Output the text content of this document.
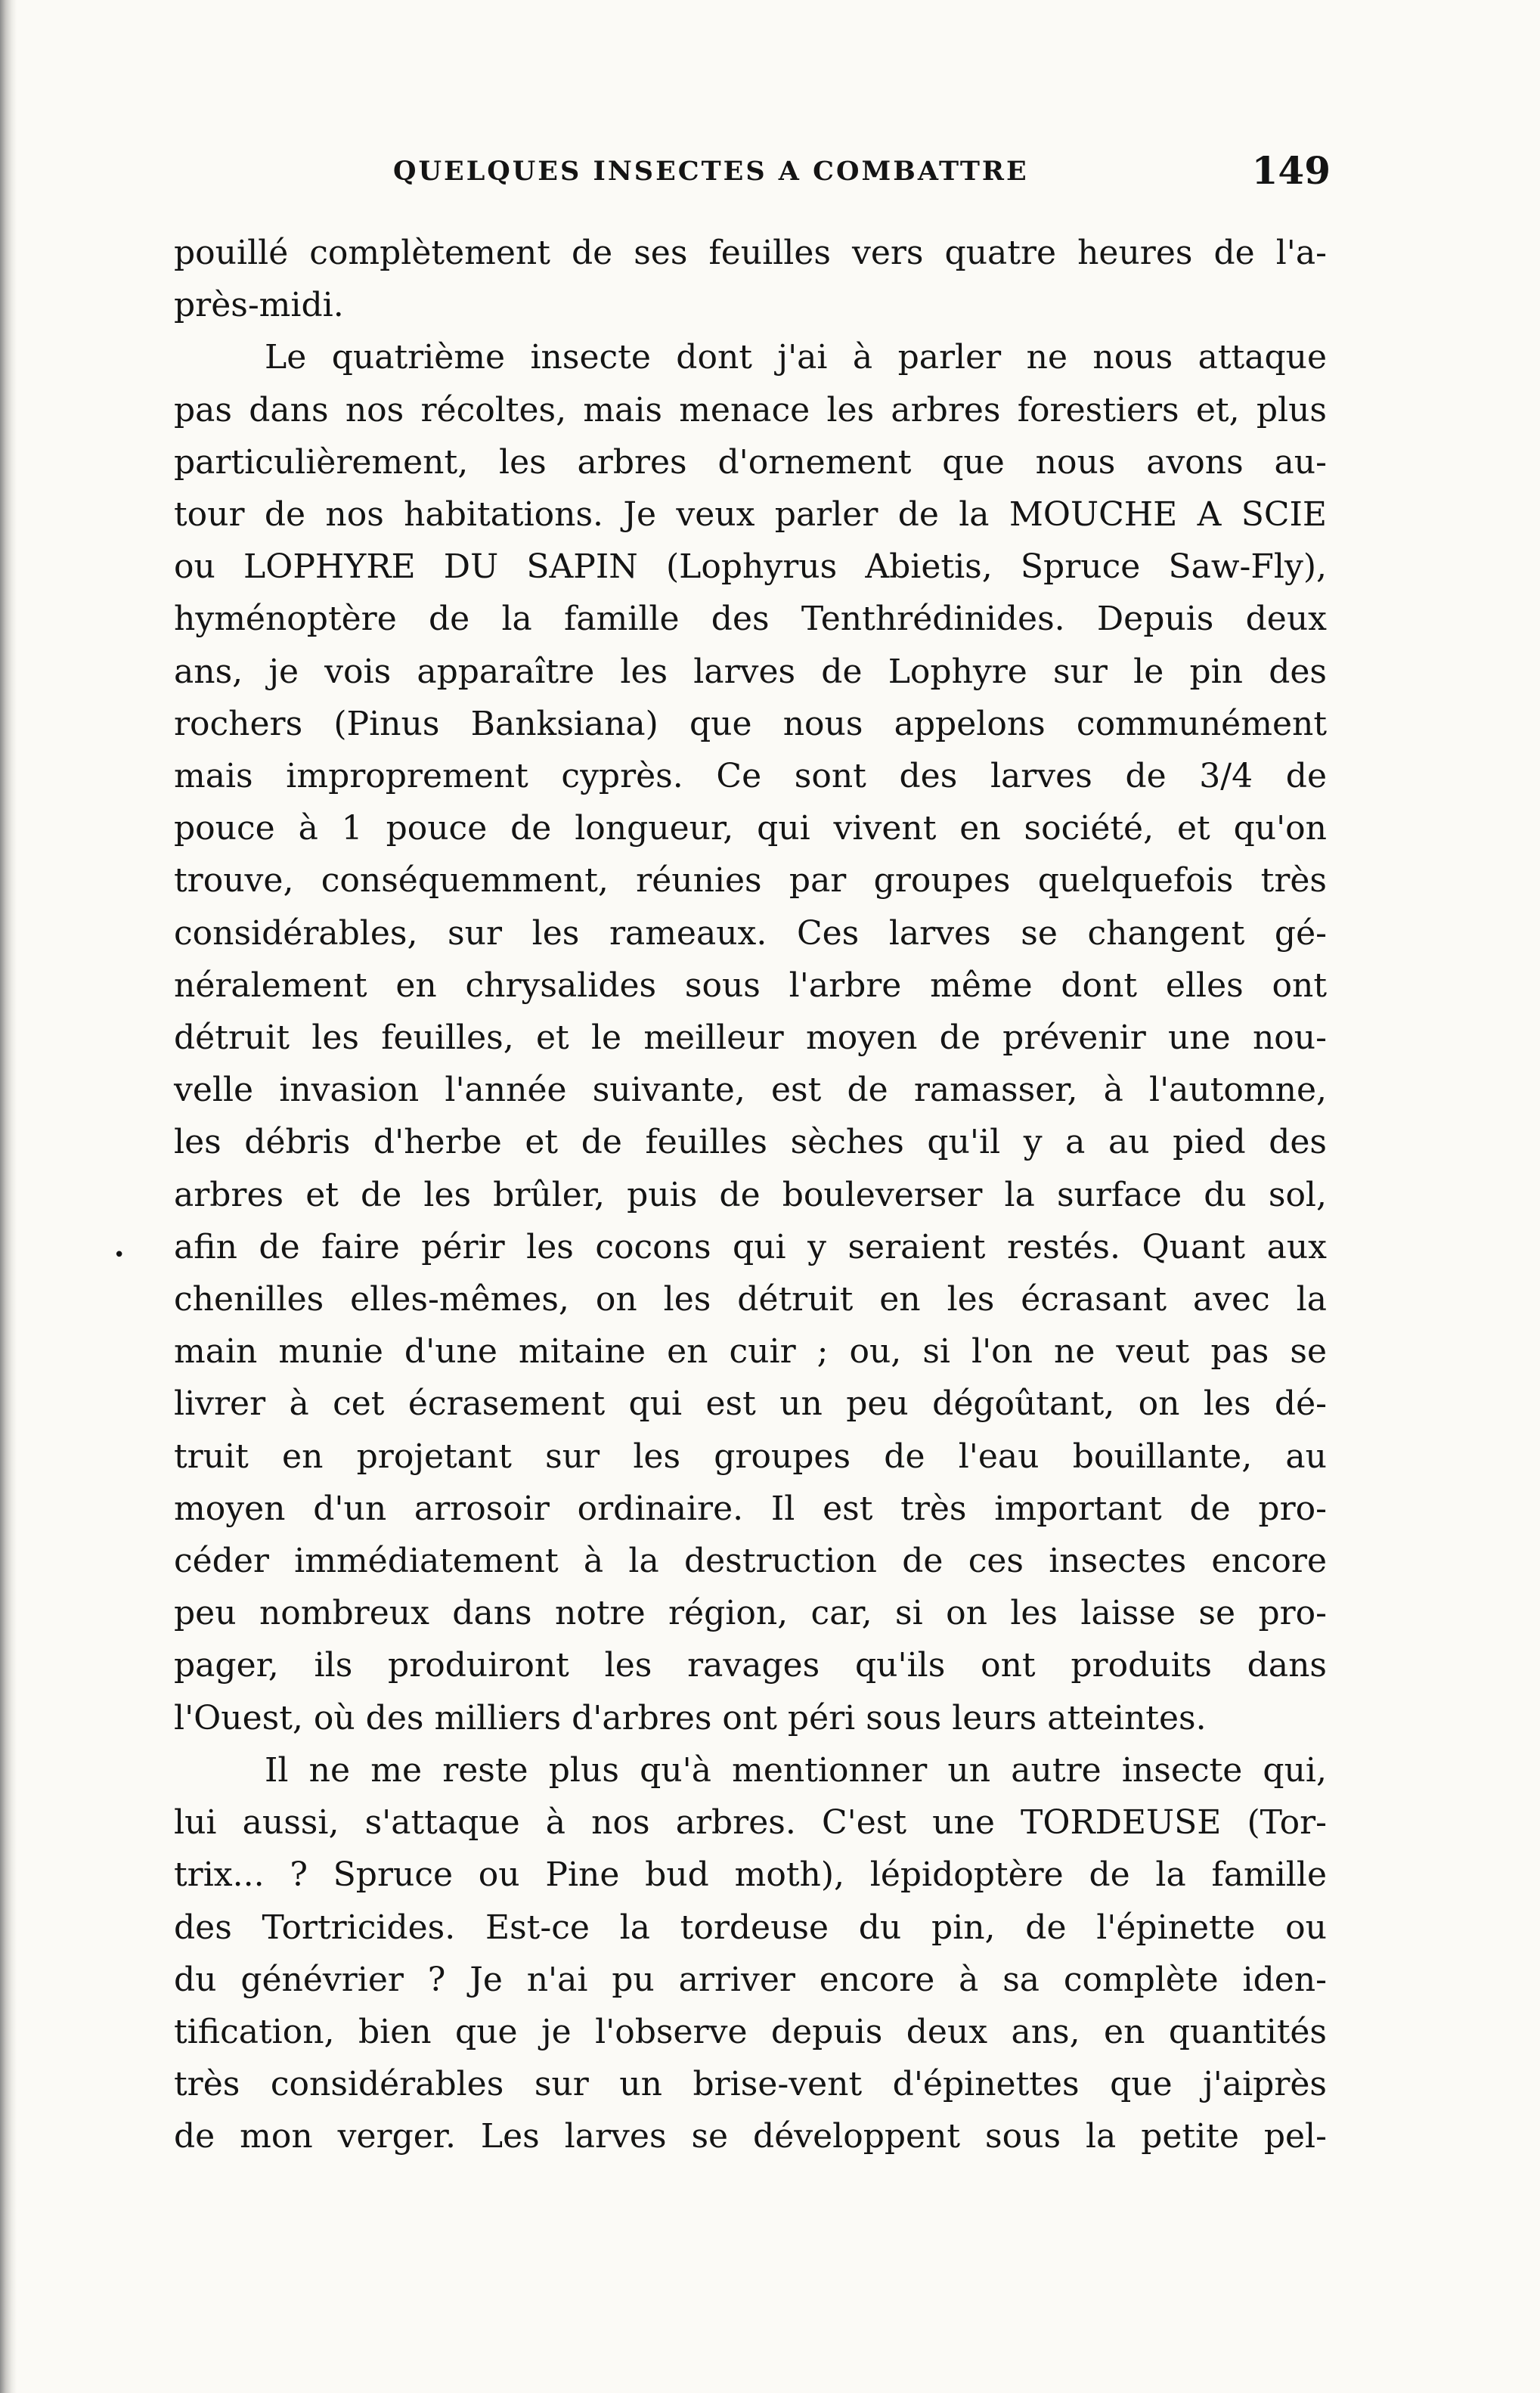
QUELQUES INSECTES A COMBATTRE	149
•
pouillé complètement de ses feuilles vers quatre heures de l'a-
près-midi.
Le quatrième insecte dont j'ai à parler ne nous attaque
pas dans nos récoltes, mais menace les arbres forestiers et, plus
particulièrement, les arbres d'ornement que nous avons au-
tour de nos habitations. Je veux parler de la MOUCHE A SCIE
ou LOPHYRE DU SAPIN (Lophyrus Abietis, Spruce Saw-Fly),
hyménoptère de la famille des Tenthrédinides. Depuis deux
ans, je vois apparaître les larves de Lophyre sur le pin des
rochers (Pinus Banksiana) que nous appelons communément
mais improprement cyprès. Ce sont des larves de 3/4 de
pouce à 1 pouce de longueur, qui vivent en société, et qu'on
trouve, conséquemment, réunies par groupes quelquefois très
considérables, sur les rameaux. Ces larves se changent gé-
néralement en chrysalides sous l'arbre même dont elles ont
détruit les feuilles, et le meilleur moyen de prévenir une nou-
velle invasion l'année suivante, est de ramasser, à l'automne,
les débris d'herbe et de feuilles sèches qu'il y a au pied des
arbres et de les brûler, puis de bouleverser la surface du sol,
afin de faire périr les cocons qui y seraient restés. Quant aux
chenilles elles-mêmes, on les détruit en les écrasant avec la
main munie d'une mitaine en cuir ; ou, si l'on ne veut pas se
livrer à cet écrasement qui est un peu dégoûtant, on les dé-
truit en projetant sur les groupes de l'eau bouillante, au
moyen d'un arrosoir ordinaire. Il est très important de pro-
céder immédiatement à la destruction de ces insectes encore
peu nombreux dans notre région, car, si on les laisse se pro-
pager, ils produiront les ravages qu'ils ont produits dans
l'Ouest, où des milliers d'arbres ont péri sous leurs atteintes.
Il ne me reste plus qu'à mentionner un autre insecte qui,
lui aussi, s'attaque à nos arbres. C'est une TORDEUSE (Tor-
trix... ? Spruce ou Pine bud moth), lépidoptère de la famille
des Tortricides. Est-ce la tordeuse du pin, de l'épinette ou
du génévrier ? Je n'ai pu arriver encore à sa complète iden-
tification, bien que je l'observe depuis deux ans, en quantités
très considérables sur un brise-vent d'épinettes que j'aiprès
de mon verger. Les larves se développent sous la petite pel-
